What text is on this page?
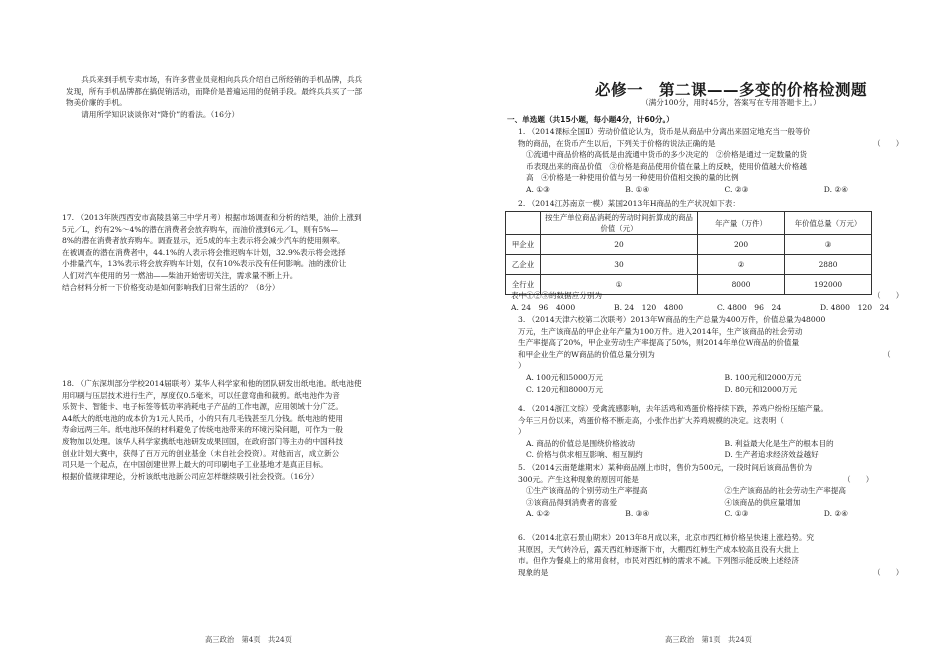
兵兵来到手机专卖市场，有许多营业员竞相向兵兵介绍自己所经销的手机品牌，兵兵
发现，所有手机品牌都在搞促销活动，而降价是普遍运用的促销手段。最终兵兵买了一部
物美价廉的手机。
请用所学知识谈谈你对“降价”的看法。（16分）
17. （2013年陕西西安市高陵县第三中学月考）根据市场调查和分析的结果，油价上涨到
5元／L，约有2%～4%的潜在消费者会放弃购车，而油价涨到6元／L，则有5%—
8%的潜在消费者放弃购车。调查显示，近5成的车主表示将会减少汽车的使用频率。
在被调查的潜在消费者中，44.1%的人表示将会推迟购车计划，32.9%表示将会选择
小排量汽车，13%表示将会放弃购车计划，仅有10%表示没有任何影响。油的涨价让
人们对汽车使用的另一燃油——柴油开始密切关注，需求量不断上升。
结合材料分析一下价格变动是如何影响我们日常生活的？（8分）
18. （广东深圳部分学校2014届联考）某华人科学家和他的团队研发出纸电池。纸电池使
用印刷与压层技术进行生产，厚度仅0.5毫米，可以任意弯曲和裁剪。纸电池作为音
乐贺卡、智能卡、电子标签等低功率消耗电子产品的工作电源，应用领域十分广泛。
A4纸大的纸电池的成本价为1元人民币，小的只有几毛钱甚至几分钱。纸电池的使用
寿命远两三年。纸电池环保的材料避免了传统电池带来的环境污染问题，可作为一般
废物加以处理。该华人科学家携纸电池研发成果回国，在政府部门等主办的中国科技
创业计划大赛中，获得了百万元的创业基金（未自社会投资）。对他而言，成立新公
司只是一个起点，在中国创建世界上最大的可印刷电子工业基地才是真正目标。
根据价值规律理论，分析该纸电池新公司应怎样继续吸引社会投资。（16分）
高三政治　第4页　共24页
必修一　第二课——多变的价格检测题
（满分100分，用时45分，答案写在专用答题卡上。）
一、单选题（共15小题，每小题4分，计60分。）

1. （2014课标全国Ⅱ）劳动价值论认为，货币是从商品中分离出来固定地充当一般等价

物的商品，在货币产生以后，下列关于价格的说法正确的是	（　　）

①流通中商品价格的高低是由流通中货币的多少决定的　②价格是通过一定数量的货

币表现出来的商品价值　③价格是商品使用价值在量上的反映，使用价值越大价格越

高　④价格是一种使用价值与另一种使用价值相交换的量的比例

A. ①③	B. ①④	C. ②③	D. ②④
2. （2014江苏南京一模）某国2013年H商品的生产状况如下表：
	按生产单位商品消耗的劳动时间折算成的商品价值（元）	年产量（万件）	年价值总量（万元）
甲企业	20	200	③
乙企业	30	②	2880
全行业	①	8000	192000

表中①②③的数据应分别为	（　　）

A. 24　96　4000	B. 24　120　4800	C. 4800　96　24	D. 4800　120　24

3. （2014天津六校第二次联考）2013年W商品的生产总量为400万件，价值总量为48000

万元，生产该商品的甲企业年产量为100万件。进入2014年，生产该商品的社会劳动

生产率提高了20%，甲企业劳动生产率提高了50%，则2014年单位W商品的价值量

和甲企业生产的W商品的价值总量分别为	（

）

A. 100元和l5000万元	B. 100元和l2000万元
C. 120元和l8000万元	D. 80元和l2000万元

4. （2014浙江文综）受禽流感影响，去年活鸡和鸡蛋价格持续下跌，养鸡户纷纷压缩产量。

今年三月份以来，鸡蛋价格不断走高，小张作出扩大养鸡规模的决定。这表明（

）

A. 商品的价值总是围绕价格波动	B. 利益最大化是生产的根本目的
C. 价格与供求相互影响、相互制约	D. 生产者追求经济效益越好

5. （2014云南楚雄期末）某种商品刚上市时，售价为500元，一段时间后该商品售价为

300元。产生这种现象的原因可能是	（　　）

①生产该商品的个别劳动生产率提高	②生产该商品的社会劳动生产率提高
③该商品得到消费者的喜爱	④该商品的供应量增加
A. ①②	B. ③④	C. ①③	D. ②④

6. （2014北京石景山期末）2013年8月成以来，北京市西红柿价格呈快速上涨趋势。究

其原因，天气转冷后，露天西红柿逐渐下市，大棚西红柿生产成本较高且没有大批上

市。但作为餐桌上的常用食材，市民对西红柿的需求不减。下列图示能反映上述经济

现象的是	（　　）

高三政治　第1页　共24页
